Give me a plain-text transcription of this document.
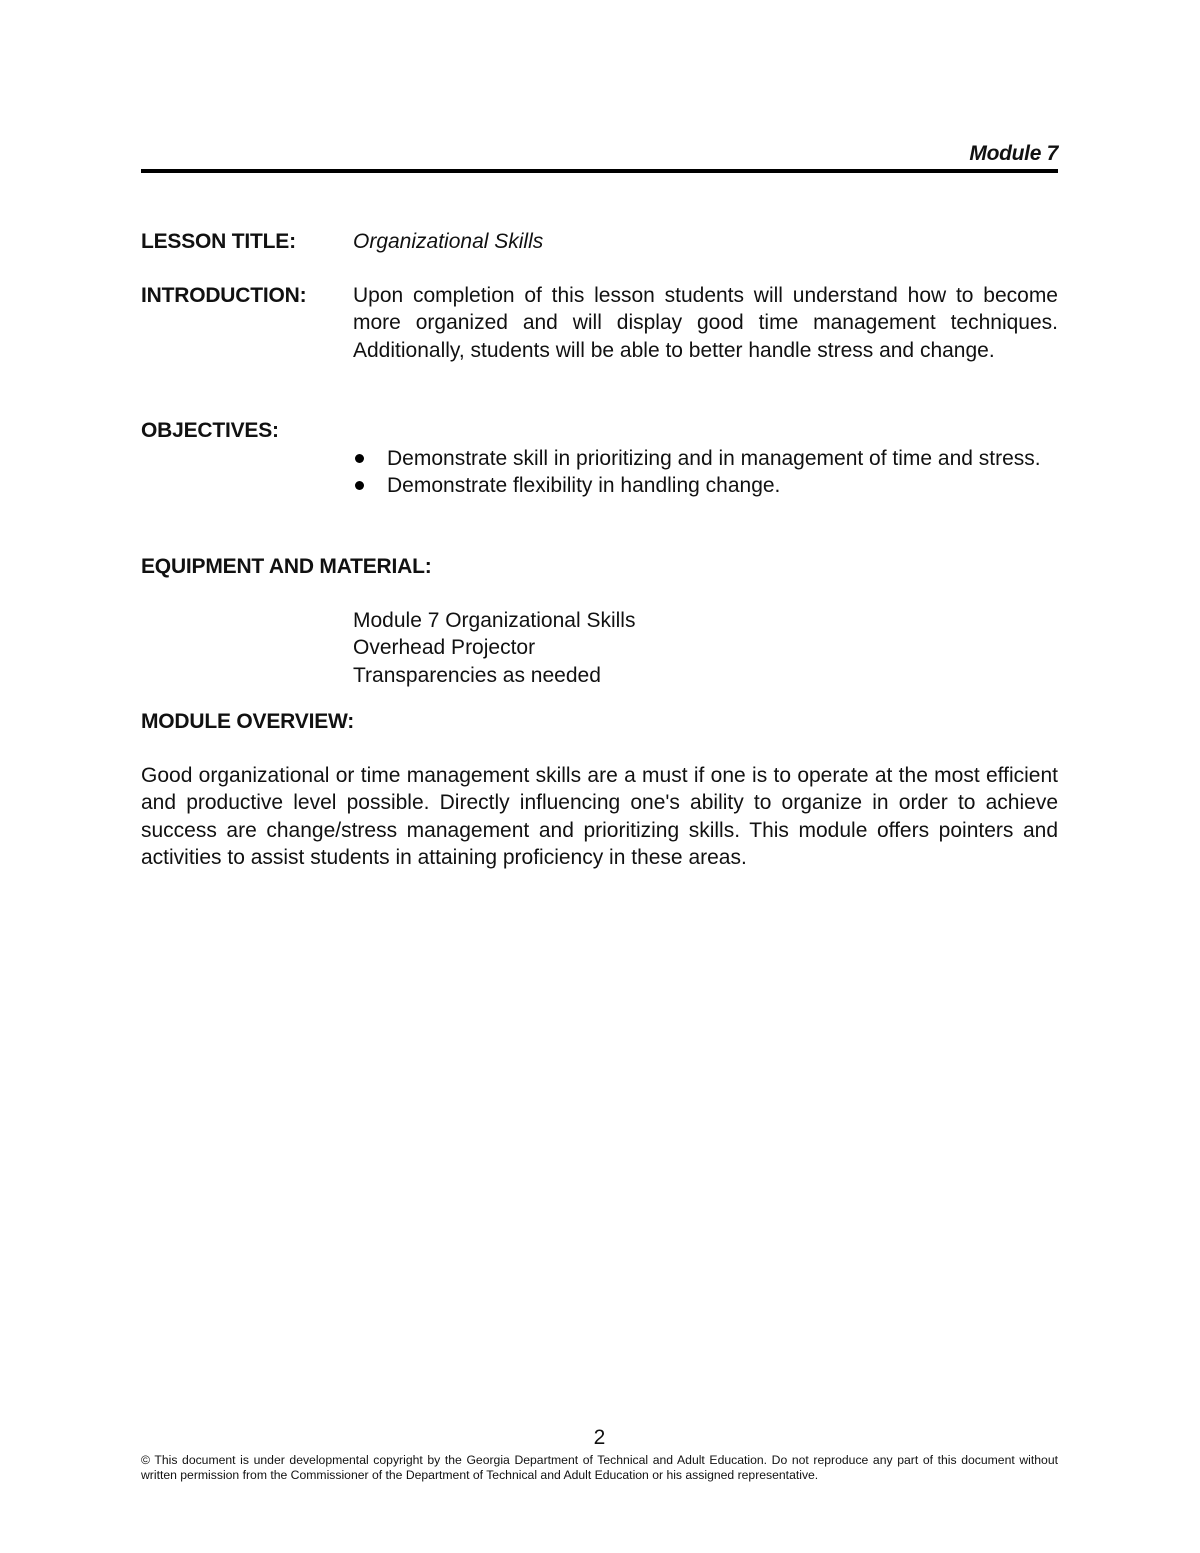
Module 7
LESSON TITLE:	Organizational Skills
INTRODUCTION: Upon completion of this lesson students will understand how to become more organized and will display good time management techniques. Additionally, students will be able to better handle stress and change.
OBJECTIVES:
Demonstrate skill in prioritizing and in management of time and stress.
Demonstrate flexibility in handling change.
EQUIPMENT AND MATERIAL:
Module 7 Organizational Skills
Overhead Projector
Transparencies as needed
MODULE OVERVIEW:
Good organizational or time management skills are a must if one is to operate at the most efficient and productive level possible. Directly influencing one's ability to organize in order to achieve success are change/stress management and prioritizing skills. This module offers pointers and activities to assist students in attaining proficiency in these areas.
2
© This document is under developmental copyright by the Georgia Department of Technical and Adult Education. Do not reproduce any part of this document without written permission from the Commissioner of the Department of Technical and Adult Education or his assigned representative.
